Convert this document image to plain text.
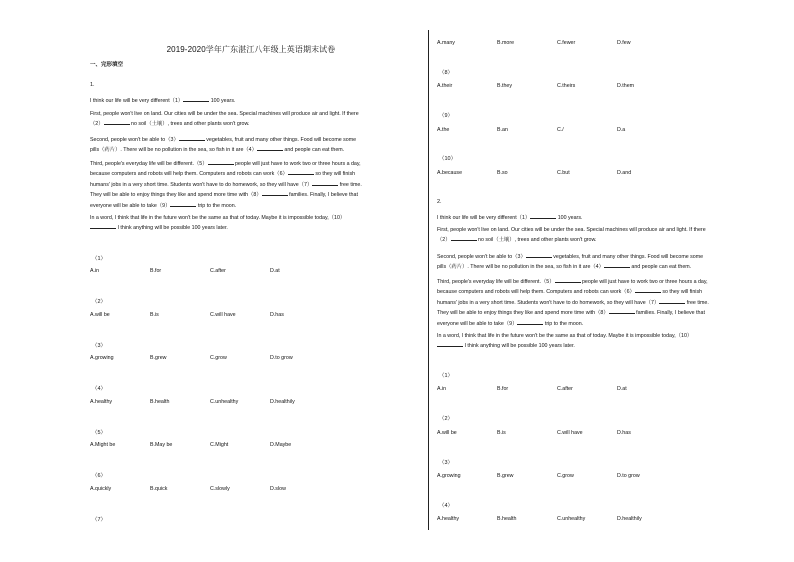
2019-2020学年广东湛江八年级上英语期末试卷
一、完形填空
1.
I think our life will be very different（1）	100 years.
First, people won't live on land. Our cities will be under the sea. Special machines will produce air and light. If there
（2）	no soil（土壤）, trees and other plants won't grow.
Second, people won't be able to（3）	vegetables, fruit and many other things. Food will become some
pills（药片）. There will be no pollution in the sea, so fish in it are（4）	and people can eat them.
Third, people's everyday life will be different.（5）	people will just have to work two or three hours a day,
because computers and robots will help them. Computers and robots can work（6）	so they will finish
humans' jobs in a very short time. Students won't have to do homework, so they will have（7）	free time.
They will be able to enjoy things they like and spend more time with（8）	families. Finally, I believe that
everyone will be able to take（9）	trip to the moon.
In a word, I think that life in the future won't be the same as that of today. Maybe it is impossible today,（10）
I think anything will be possible 100 years later.
（1）
A.in	B.for	C.after	D.at
（2）
A.will be	B.is	C.will have	D.has
（3）
A.growing	B.grew	C.grow	D.to grow
（4）
A.healthy	B.health	C.unhealthy	D.healthily
（5）
A.Might be	B.May be	C.Might	D.Maybe
（6）
A.quickly	B.quick	C.slowly	D.slow
（7）
A.many	B.more	C.fewer	D.few
（8）
A.their	B.they	C.theirs	D.them
（9）
A.the	B.an	C./	D.a
（10）
A.because	B.so	C.but	D.and
2.
I think our life will be very different（1）	100 years.
First, people won't live on land. Our cities will be under the sea. Special machines will produce air and light. If there
（2）	no soil（土壤）, trees and other plants won't grow.
Second, people won't be able to（3）	vegetables, fruit and many other things. Food will become some
pills（药片）. There will be no pollution in the sea, so fish in it are（4）	and people can eat them.
Third, people's everyday life will be different.（5）	people will just have to work two or three hours a day,
because computers and robots will help them. Computers and robots can work（6）	so they will finish
humans' jobs in a very short time. Students won't have to do homework, so they will have（7）	free time.
They will be able to enjoy things they like and spend more time with（8）	families. Finally, I believe that
everyone will be able to take（9）	trip to the moon.
In a word, I think that life in the future won't be the same as that of today. Maybe it is impossible today,（10）
I think anything will be possible 100 years later.
（1）
A.in	B.for	C.after	D.at
（2）
A.will be	B.is	C.will have	D.has
（3）
A.growing	B.grew	C.grow	D.to grow
（4）
A.healthy	B.health	C.unhealthy	D.healthily
